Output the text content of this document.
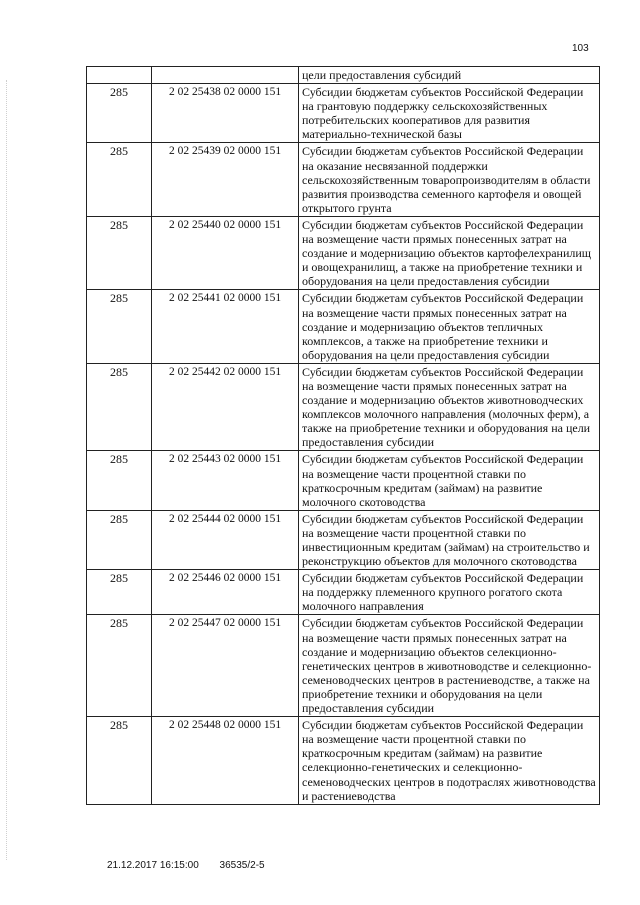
103
		цели предоставления субсидий
285	2 02 25438 02 0000 151	Субсидии бюджетам субъектов Российской Федерации на грантовую поддержку сельскохозяйственных потребительских кооперативов для развития материально-технической базы
285	2 02 25439 02 0000 151	Субсидии бюджетам субъектов Российской Федерации на оказание несвязанной поддержки сельскохозяйственным товаропроизводителям в области развития производства семенного картофеля и овощей открытого грунта
285	2 02 25440 02 0000 151	Субсидии бюджетам субъектов Российской Федерации на возмещение части прямых понесенных затрат на создание и модернизацию объектов картофелехранилищ и овощехранилищ, а также на приобретение техники и оборудования на цели предоставления субсидии
285	2 02 25441 02 0000 151	Субсидии бюджетам субъектов Российской Федерации на возмещение части прямых понесенных затрат на создание и модернизацию объектов тепличных комплексов, а также на приобретение техники и оборудования на цели предоставления субсидии
285	2 02 25442 02 0000 151	Субсидии бюджетам субъектов Российской Федерации на возмещение части прямых понесенных затрат на создание и модернизацию объектов животноводческих комплексов молочного направления (молочных ферм), а также на приобретение техники и оборудования на цели предоставления субсидии
285	2 02 25443 02 0000 151	Субсидии бюджетам субъектов Российской Федерации на возмещение части процентной ставки по краткосрочным кредитам (займам) на развитие молочного скотоводства
285	2 02 25444 02 0000 151	Субсидии бюджетам субъектов Российской Федерации на возмещение части процентной ставки по инвестиционным кредитам (займам) на строительство и реконструкцию объектов для молочного скотоводства
285	2 02 25446 02 0000 151	Субсидии бюджетам субъектов Российской Федерации на поддержку племенного крупного рогатого скота молочного направления
285	2 02 25447 02 0000 151	Субсидии бюджетам субъектов Российской Федерации на возмещение части прямых понесенных затрат на создание и модернизацию объектов селекционно-генетических центров в животноводстве и селекционно-семеноводческих центров в растениеводстве, а также на приобретение техники и оборудования на цели предоставления субсидии
285	2 02 25448 02 0000 151	Субсидии бюджетам субъектов Российской Федерации на возмещение части процентной ставки по краткосрочным кредитам (займам) на развитие селекционно-генетических и селекционно-семеноводческих центров в подотраслях животноводства и растениеводства
21.12.2017 16:15:00 36535/2-5
